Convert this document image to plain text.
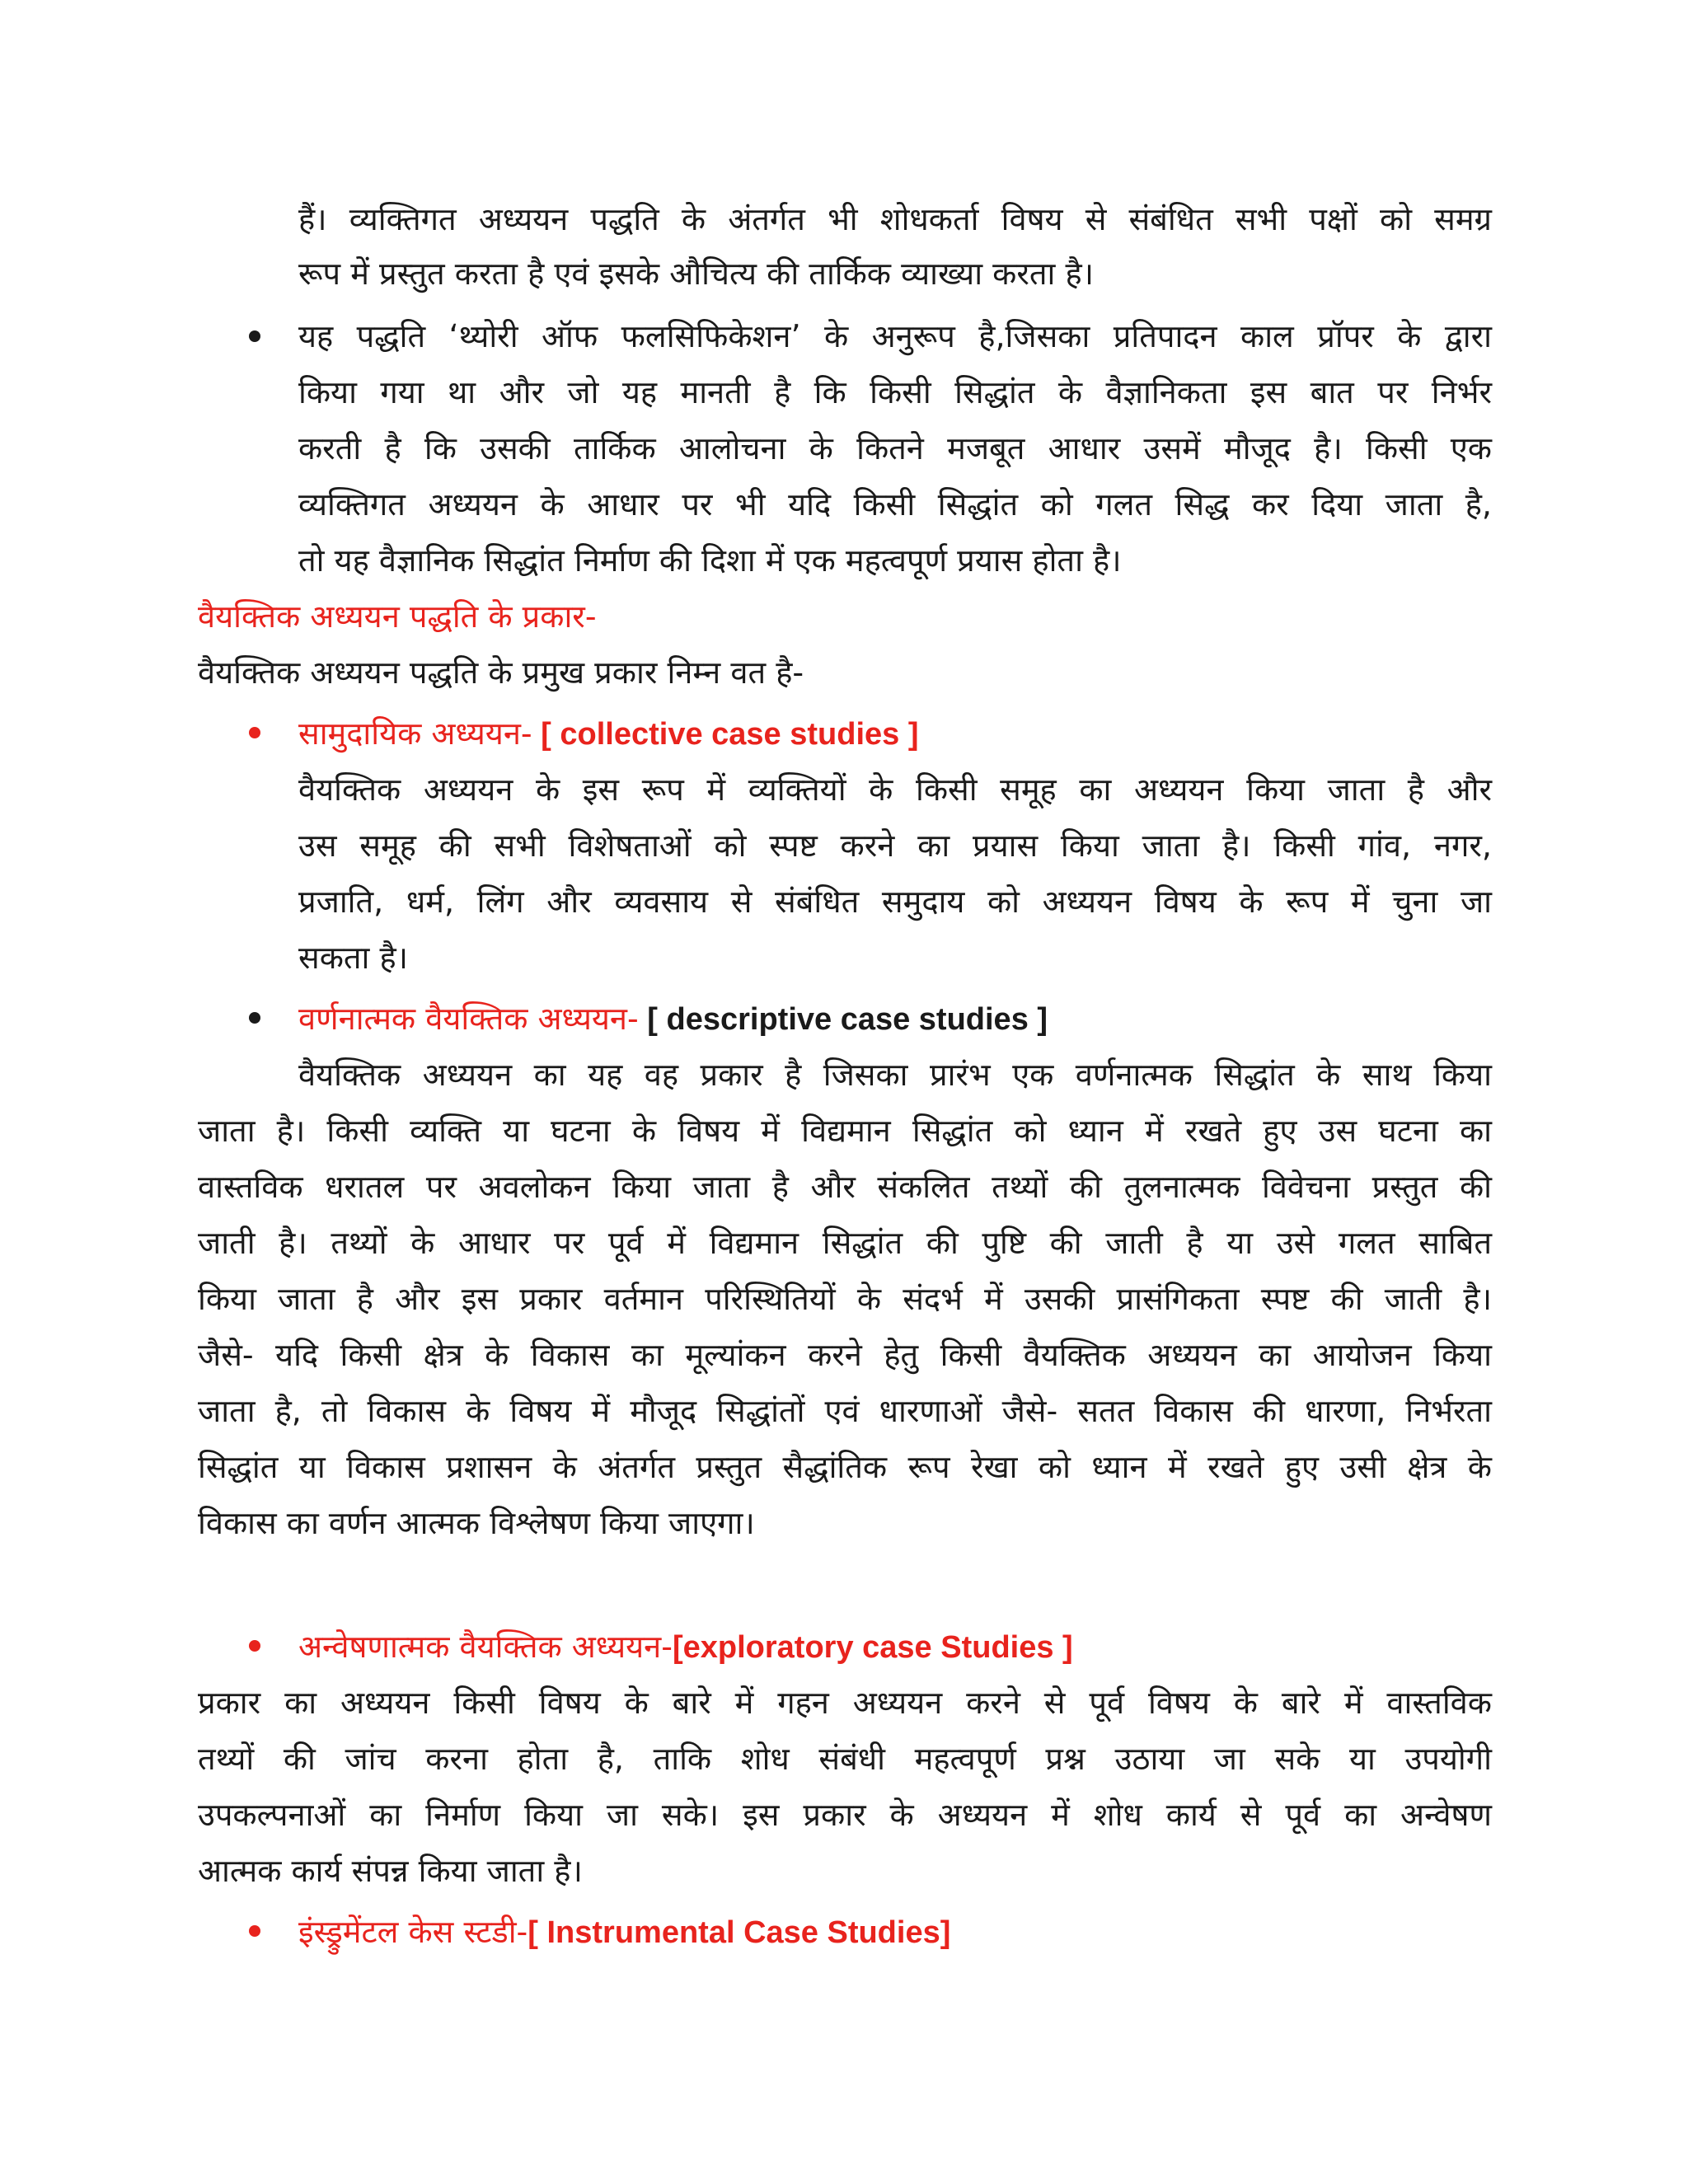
हैं। व्यक्तिगत अध्ययन पद्धति के अंतर्गत भी शोधकर्ता विषय से संबंधित सभी पक्षों को समग्र
रूप में प्रस्तुत करता है एवं इसके औचित्य की तार्किक व्याख्या करता है।
यह पद्धति ‘थ्योरी ऑफ फलसिफिकेशन’ के अनुरूप है,जिसका प्रतिपादन काल प्रॉपर के द्वारा
किया गया था और जो यह मानती है कि किसी सिद्धांत के वैज्ञानिकता इस बात पर निर्भर
करती है कि उसकी तार्किक आलोचना के कितने मजबूत आधार उसमें मौजूद है। किसी एक
व्यक्तिगत अध्ययन के आधार पर भी यदि किसी सिद्धांत को गलत सिद्ध कर दिया जाता है,
तो यह वैज्ञानिक सिद्धांत निर्माण की दिशा में एक महत्वपूर्ण प्रयास होता है।
वैयक्तिक अध्ययन पद्धति के प्रकार-
वैयक्तिक अध्ययन पद्धति के प्रमुख प्रकार निम्न वत है-
सामुदायिक अध्ययन- [ collective case studies ]
वैयक्तिक अध्ययन के इस रूप में व्यक्तियों के किसी समूह का अध्ययन किया जाता है और
उस समूह की सभी विशेषताओं को स्पष्ट करने का प्रयास किया जाता है। किसी गांव, नगर,
प्रजाति, धर्म, लिंग और व्यवसाय से संबंधित समुदाय को अध्ययन विषय के रूप में चुना जा
सकता है।
वर्णनात्मक वैयक्तिक अध्ययन- [ descriptive case studies ]
वैयक्तिक अध्ययन का यह वह प्रकार है जिसका प्रारंभ एक वर्णनात्मक सिद्धांत के साथ किया
जाता है। किसी व्यक्ति या घटना के विषय में विद्यमान सिद्धांत को ध्यान में रखते हुए उस घटना का
वास्तविक धरातल पर अवलोकन किया जाता है और संकलित तथ्यों की तुलनात्मक विवेचना प्रस्तुत की
जाती है। तथ्यों के आधार पर पूर्व में विद्यमान सिद्धांत की पुष्टि की जाती है या उसे गलत साबित
किया जाता है और इस प्रकार वर्तमान परिस्थितियों के संदर्भ में उसकी प्रासंगिकता स्पष्ट की जाती है।
जैसे- यदि किसी क्षेत्र के विकास का मूल्यांकन करने हेतु किसी वैयक्तिक अध्ययन का आयोजन किया
जाता है, तो विकास के विषय में मौजूद सिद्धांतों एवं धारणाओं जैसे- सतत विकास की धारणा, निर्भरता
सिद्धांत या विकास प्रशासन के अंतर्गत प्रस्तुत सैद्धांतिक रूप रेखा को ध्यान में रखते हुए उसी क्षेत्र के
विकास का वर्णन आत्मक विश्लेषण किया जाएगा।
अन्वेषणात्मक वैयक्तिक अध्ययन-[exploratory case Studies ]
प्रकार का अध्ययन किसी विषय के बारे में गहन अध्ययन करने से पूर्व विषय के बारे में वास्तविक
तथ्यों की जांच करना होता है, ताकि शोध संबंधी महत्वपूर्ण प्रश्न उठाया जा सके या उपयोगी
उपकल्पनाओं का निर्माण किया जा सके। इस प्रकार के अध्ययन में शोध कार्य से पूर्व का अन्वेषण
आत्मक कार्य संपन्न किया जाता है।
इंस्ड्रुमेंटल केस स्टडी-[ Instrumental Case Studies]
